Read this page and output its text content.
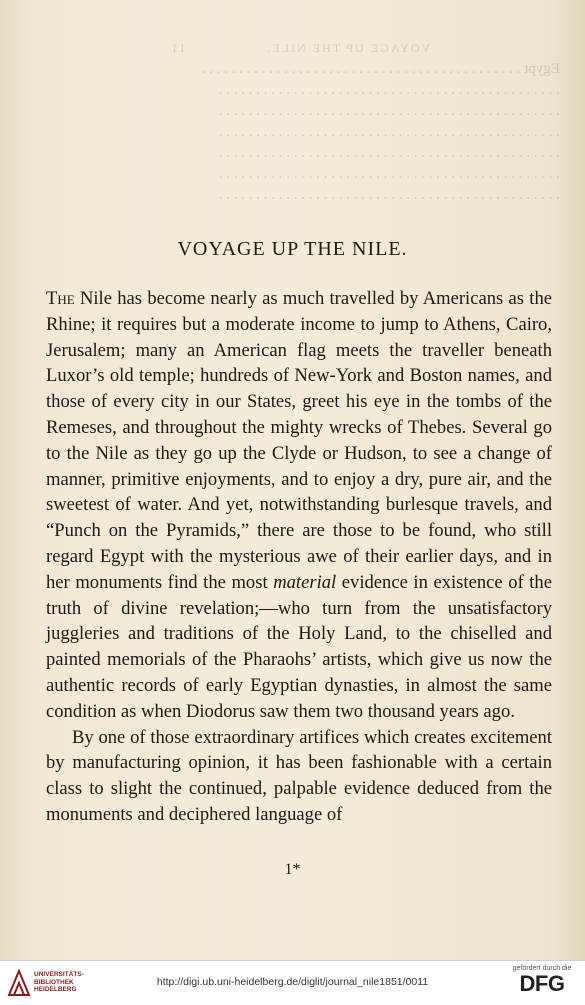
VOYAGE UP THE NILE.                11
Egypt . . . . . . . . . . . . . . . . . . . . . . . . . . . . . . . . . . . . . . . . . . .
. . . . . . . . . . . . . . . . . . . . . . . . . . . . . . . . . . . . . . . . . . . . . .
. . . . . . . . . . . . . . . . . . . . . . . . . . . . . . . . . . . . . . . . . . . . . .
. . . . . . . . . . . . . . . . . . . . . . . . . . . . . . . . . . . . . . . . . . . . . .
. . . . . . . . . . . . . . . . . . . . . . . . . . . . . . . . . . . . . . . . . . . . . .
. . . . . . . . . . . . . . . . . . . . . . . . . . . . . . . . . . . . . . . . . . . . . .
. . . . . . . . . . . . . . . . . . . . . . . . . . . . . . . . . . . . . . . . . . . . . .
VOYAGE UP THE NILE.

The Nile has become nearly as much travelled by Americans as the Rhine; it requires but a moderate income to jump to Athens, Cairo, Jerusalem; many an American flag meets the traveller beneath Luxor’s old temple; hundreds of New-York and Boston names, and those of every city in our States, greet his eye in the tombs of the Remeses, and throughout the mighty wrecks of Thebes. Several go to the Nile as they go up the Clyde or Hudson, to see a change of manner, primitive enjoyments, and to enjoy a dry, pure air, and the sweetest of water. And yet, notwithstanding burlesque travels, and “Punch on the Pyramids,” there are those to be found, who still regard Egypt with the mysterious awe of their earlier days, and in her monuments find the most material evidence in existence of the truth of divine revelation;—who turn from the unsatisfactory juggleries and traditions of the Holy Land, to the chiselled and painted memorials of the Pharaohs’ artists, which give us now the authentic records of early Egyptian dynasties, in almost the same condition as when Diodorus saw them two thousand years ago.

By one of those extraordinary artifices which creates excitement by manufacturing opinion, it has been fashionable with a certain class to slight the continued, palpable evidence deduced from the monuments and deciphered language of

1*
UNIVERSITÄTS-
BIBLIOTHEK
HEIDELBERG
http://digi.ub.uni-heidelberg.de/diglit/journal_nile1851/0011
gefördert durch die
DFG
